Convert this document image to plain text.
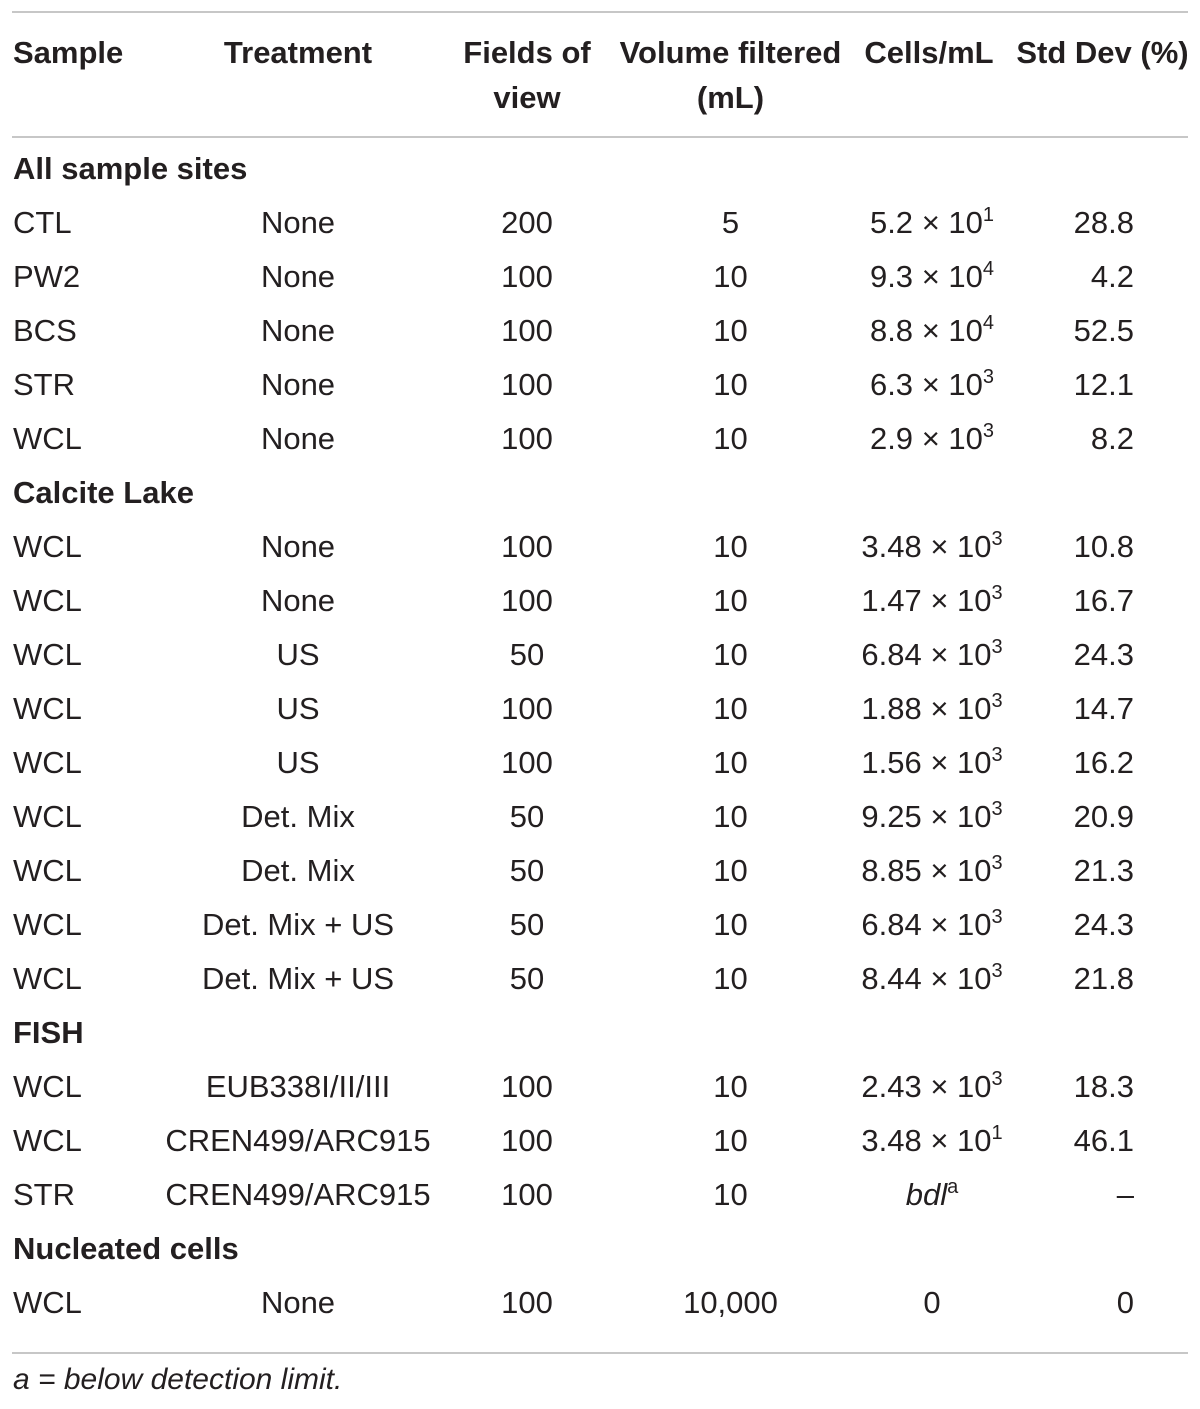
Sample	Treatment	Fields of view	Volume filtered (mL)	Cells/mL	Std Dev (%)

All sample sites					
CTL	None	200	5	$5.2 \times 10^1$	28.8
PW2	None	100	10	$9.3 \times 10^4$	4.2
BCS	None	100	10	$8.8 \times 10^4$	52.5
STR	None	100	10	$6.3 \times 10^3$	12.1
WCL	None	100	10	$2.9 \times 10^3$	8.2
Calcite Lake					
WCL	None	100	10	$3.48 \times 10^3$	10.8
WCL	None	100	10	$1.47 \times 10^3$	16.7
WCL	US	50	10	$6.84 \times 10^3$	24.3
WCL	US	100	10	$1.88 \times 10^3$	14.7
WCL	US	100	10	$1.56 \times 10^3$	16.2
WCL	Det. Mix	50	10	$9.25 \times 10^3$	20.9
WCL	Det. Mix	50	10	$8.85 \times 10^3$	21.3
WCL	Det. Mix + US	50	10	$6.84 \times 10^3$	24.3
WCL	Det. Mix + US	50	10	$8.44 \times 10^3$	21.8
FISH					
WCL	EUB338I/II/III	100	10	$2.43 \times 10^3$	18.3
WCL	CREN499/ARC915	100	10	$3.48 \times 10^1$	46.1
STR	CREN499/ARC915	100	10	bdl$^a$	–
Nucleated cells					
WCL	None	100	10,000	0	0
a = below detection limit.
